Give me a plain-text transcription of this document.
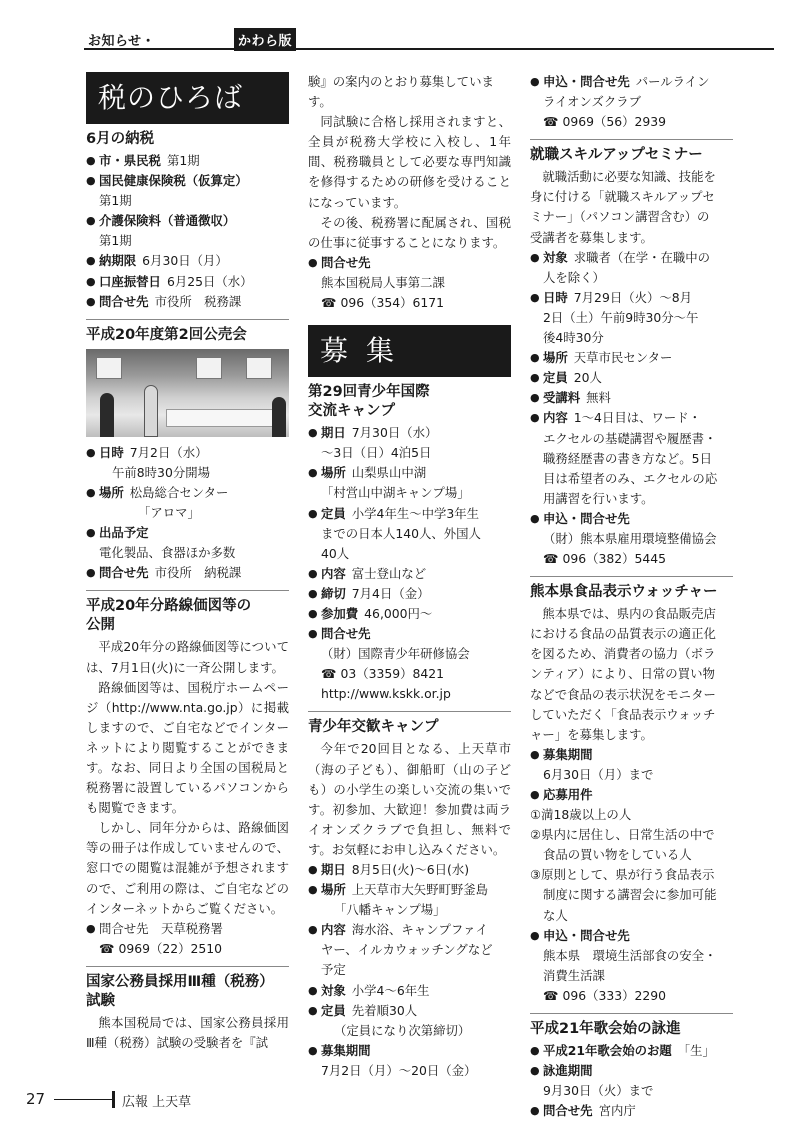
お知らせ・	かわら版
税のひろば
6月の納税
● 市・県民税 第1期
● 国民健康保険税（仮算定）
第1期
● 介護保険料（普通徴収）
第1期
● 納期限 6月30日（月）
● 口座振替日 6月25日（水）
● 問合せ先 市役所　税務課
平成20年度第2回公売会
● 日時 7月2日（水）
午前8時30分開場
● 場所 松島総合センター
「アロマ」
● 出品予定
電化製品、食器ほか多数
● 問合せ先 市役所　納税課
平成20年分路線価図等の
公開
平成20年分の路線価図等については、7月1日(火)に一斉公開します。
路線価図等は、国税庁ホームページ（http://www.nta.go.jp）に掲載しますので、ご自宅などでインターネットにより閲覧することができます。なお、同日より全国の国税局と税務署に設置しているパソコンからも閲覧できます。
しかし、同年分からは、路線価図等の冊子は作成していませんので、窓口での閲覧は混雑が予想されますので、ご利用の際は、ご自宅などのインターネットからご覧ください。
● 問合せ先　天草税務署
☎ 0969（22）2510
国家公務員採用Ⅲ種（税務）
試験
熊本国税局では、国家公務員採用Ⅲ種（税務）試験の受験者を『試
験』の案内のとおり募集しています。
同試験に合格し採用されますと、全員が税務大学校に入校し、1年間、税務職員として必要な専門知識を修得するための研修を受けることになっています。
その後、税務署に配属され、国税の仕事に従事することになります。
● 問合せ先
熊本国税局人事第二課
☎ 096（354）6171
募集
第29回青少年国際
交流キャンプ
● 期日 7月30日（水）
～3日（日）4泊5日
● 場所 山梨県山中湖
「村営山中湖キャンプ場」
● 定員 小学4年生～中学3年生
までの日本人140人、外国人
40人
● 内容 富士登山など
● 締切 7月4日（金）
● 参加費 46,000円～
● 問合せ先
（財）国際青少年研修協会
☎ 03（3359）8421
http://www.kskk.or.jp
青少年交歓キャンプ
今年で20回目となる、上天草市（海の子ども）、御船町（山の子ども）の小学生の楽しい交流の集いです。初参加、大歓迎！参加費は両ライオンズクラブで負担し、無料です。お気軽にお申し込みください。
● 期日 8月5日(火)～6日(水)
● 場所 上天草市大矢野町野釜島
「八幡キャンプ場」
● 内容 海水浴、キャンプファイ
ヤー、イルカウォッチングなど
予定
● 対象 小学4～6年生
● 定員 先着順30人
（定員になり次第締切）
● 募集期間
7月2日（月）～20日（金）
● 申込・問合せ先 パールライン
ライオンズクラブ
☎ 0969（56）2939
就職スキルアップセミナー
就職活動に必要な知識、技能を
身に付ける「就職スキルアップセ
ミナー」（パソコン講習含む）の
受講者を募集します。
● 対象 求職者（在学・在職中の
人を除く）
● 日時 7月29日（火）～8月
2日（土）午前9時30分～午
後4時30分
● 場所 天草市民センター
● 定員 20人
● 受講料 無料
● 内容 1～4日目は、ワード・
エクセルの基礎講習や履歴書・
職務経歴書の書き方など。5日
目は希望者のみ、エクセルの応
用講習を行います。
● 申込・問合せ先
（財）熊本県雇用環境整備協会
☎ 096（382）5445
熊本県食品表示ウォッチャー
熊本県では、県内の食品販売店
における食品の品質表示の適正化
を図るため、消費者の協力（ボラ
ンティア）により、日常の買い物
などで食品の表示状況をモニター
していただく「食品表示ウォッチ
ャー」を募集します。
● 募集期間
6月30日（月）まで
● 応募用件
①満18歳以上の人
②県内に居住し、日常生活の中で
食品の買い物をしている人
③原則として、県が行う食品表示
制度に関する講習会に参加可能
な人
● 申込・問合せ先
熊本県　環境生活部食の安全・
消費生活課
☎ 096（333）2290
平成21年歌会始の詠進
● 平成21年歌会始のお題 「生」
● 詠進期間
9月30日（火）まで
● 問合せ先 宮内庁
27	広報 上天草
